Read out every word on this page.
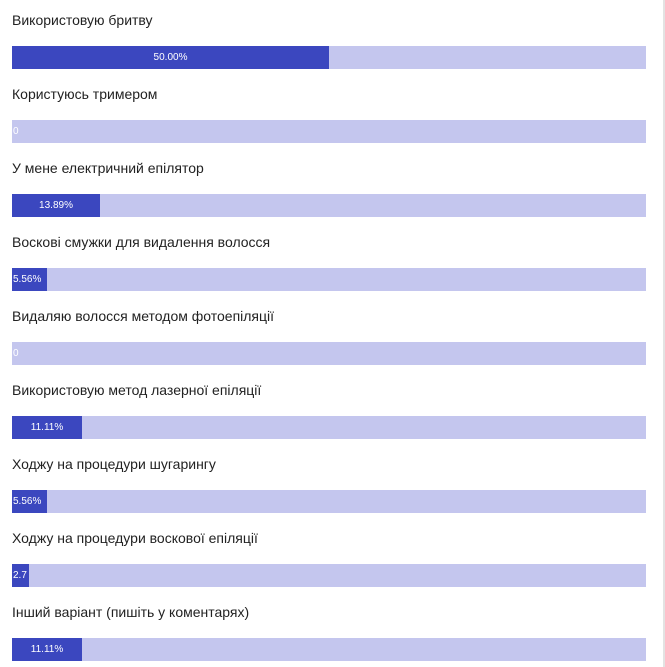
Використовую бритву
50.00%
Користуюсь тримером
0
У мене електричний епілятор
13.89%
Воскові смужки для видалення волосся
5.56%
Видаляю волосся методом фотоепіляції
0
Використовую метод лазерної епіляції
11.11%
Ходжу на процедури шугарингу
5.56%
Ходжу на процедури воскової епіляції
2.7
Інший варіант (пишіть у коментарях)
11.11%
